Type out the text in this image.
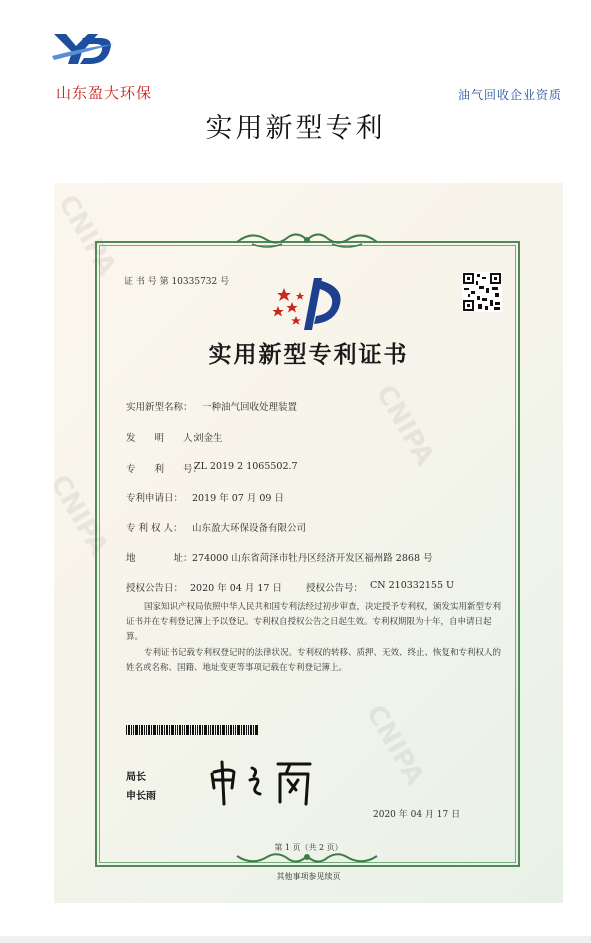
山东盈大环保	油气回收企业资质
实用新型专利
CNIPA
CNIPA
CNIPA
CNIPA
证 书 号 第 10335732 号
实用新型专利证书
实用新型名称： 一种油气回收处理装置
发　　明　　人：
刘金生
专　　利　　号：
ZL 2019 2 1065502.7
专利申请日： 2019 年 07 月 09 日
专 利 权 人： 山东盈大环保设备有限公司
地　　　　址： 274000 山东省菏泽市牡丹区经济开发区福州路 2868 号
授权公告日： 2020 年 04 月 17 日	授权公告号： CN 210332155 U
国家知识产权局依照中华人民共和国专利法经过初步审查，决定授予专利权，颁发实用新型专利证书并在专利登记簿上予以登记。专利权自授权公告之日起生效。专利权期限为十年，自申请日起算。
专利证书记载专利权登记时的法律状况。专利权的转移、质押、无效、终止、恢复和专利权人的姓名或名称、国籍、地址变更等事项记载在专利登记簿上。
局长
申长雨
2020 年 04 月 17 日
第 1 页（共 2 页）
其他事项参见续页
